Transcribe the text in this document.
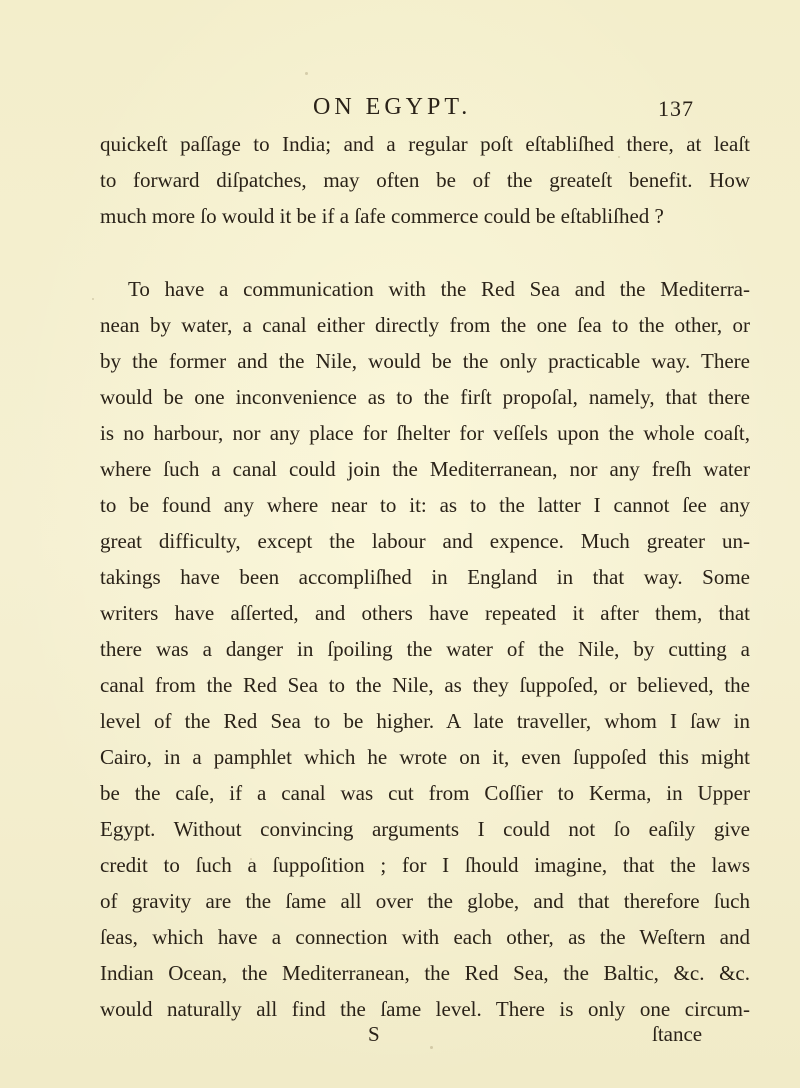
ON EGYPT.	137
quickeſt paſſage to India; and a regular poſt eſtabliſhed there, at leaſt
to forward diſpatches, may often be of the greateſt benefit. How
much more ſo would it be if a ſafe commerce could be eſtabliſhed ?
To have a communication with the Red Sea and the Mediterra-
nean by water, a canal either directly from the one ſea to the other, or
by the former and the Nile, would be the only practicable way. There
would be one inconvenience as to the firſt propoſal, namely, that there
is no harbour, nor any place for ſhelter for veſſels upon the whole coaſt,
where ſuch a canal could join the Mediterranean, nor any freſh water
to be found any where near to it: as to the latter I cannot ſee any
great difficulty, except the labour and expence. Much greater un-
takings have been accompliſhed in England in that way. Some
writers have aſſerted, and others have repeated it after them, that
there was a danger in ſpoiling the water of the Nile, by cutting a
canal from the Red Sea to the Nile, as they ſuppoſed, or believed, the
level of the Red Sea to be higher. A late traveller, whom I ſaw in
Cairo, in a pamphlet which he wrote on it, even ſuppoſed this might
be the caſe, if a canal was cut from Coſſier to Kerma, in Upper
Egypt. Without convincing arguments I could not ſo eaſily give
credit to ſuch a ſuppoſition ; for I ſhould imagine, that the laws
of gravity are the ſame all over the globe, and that therefore ſuch
ſeas, which have a connection with each other, as the Weſtern and
Indian Ocean, the Mediterranean, the Red Sea, the Baltic, &c. &c.
would naturally all find the ſame level. There is only one circum-
S	ſtance
